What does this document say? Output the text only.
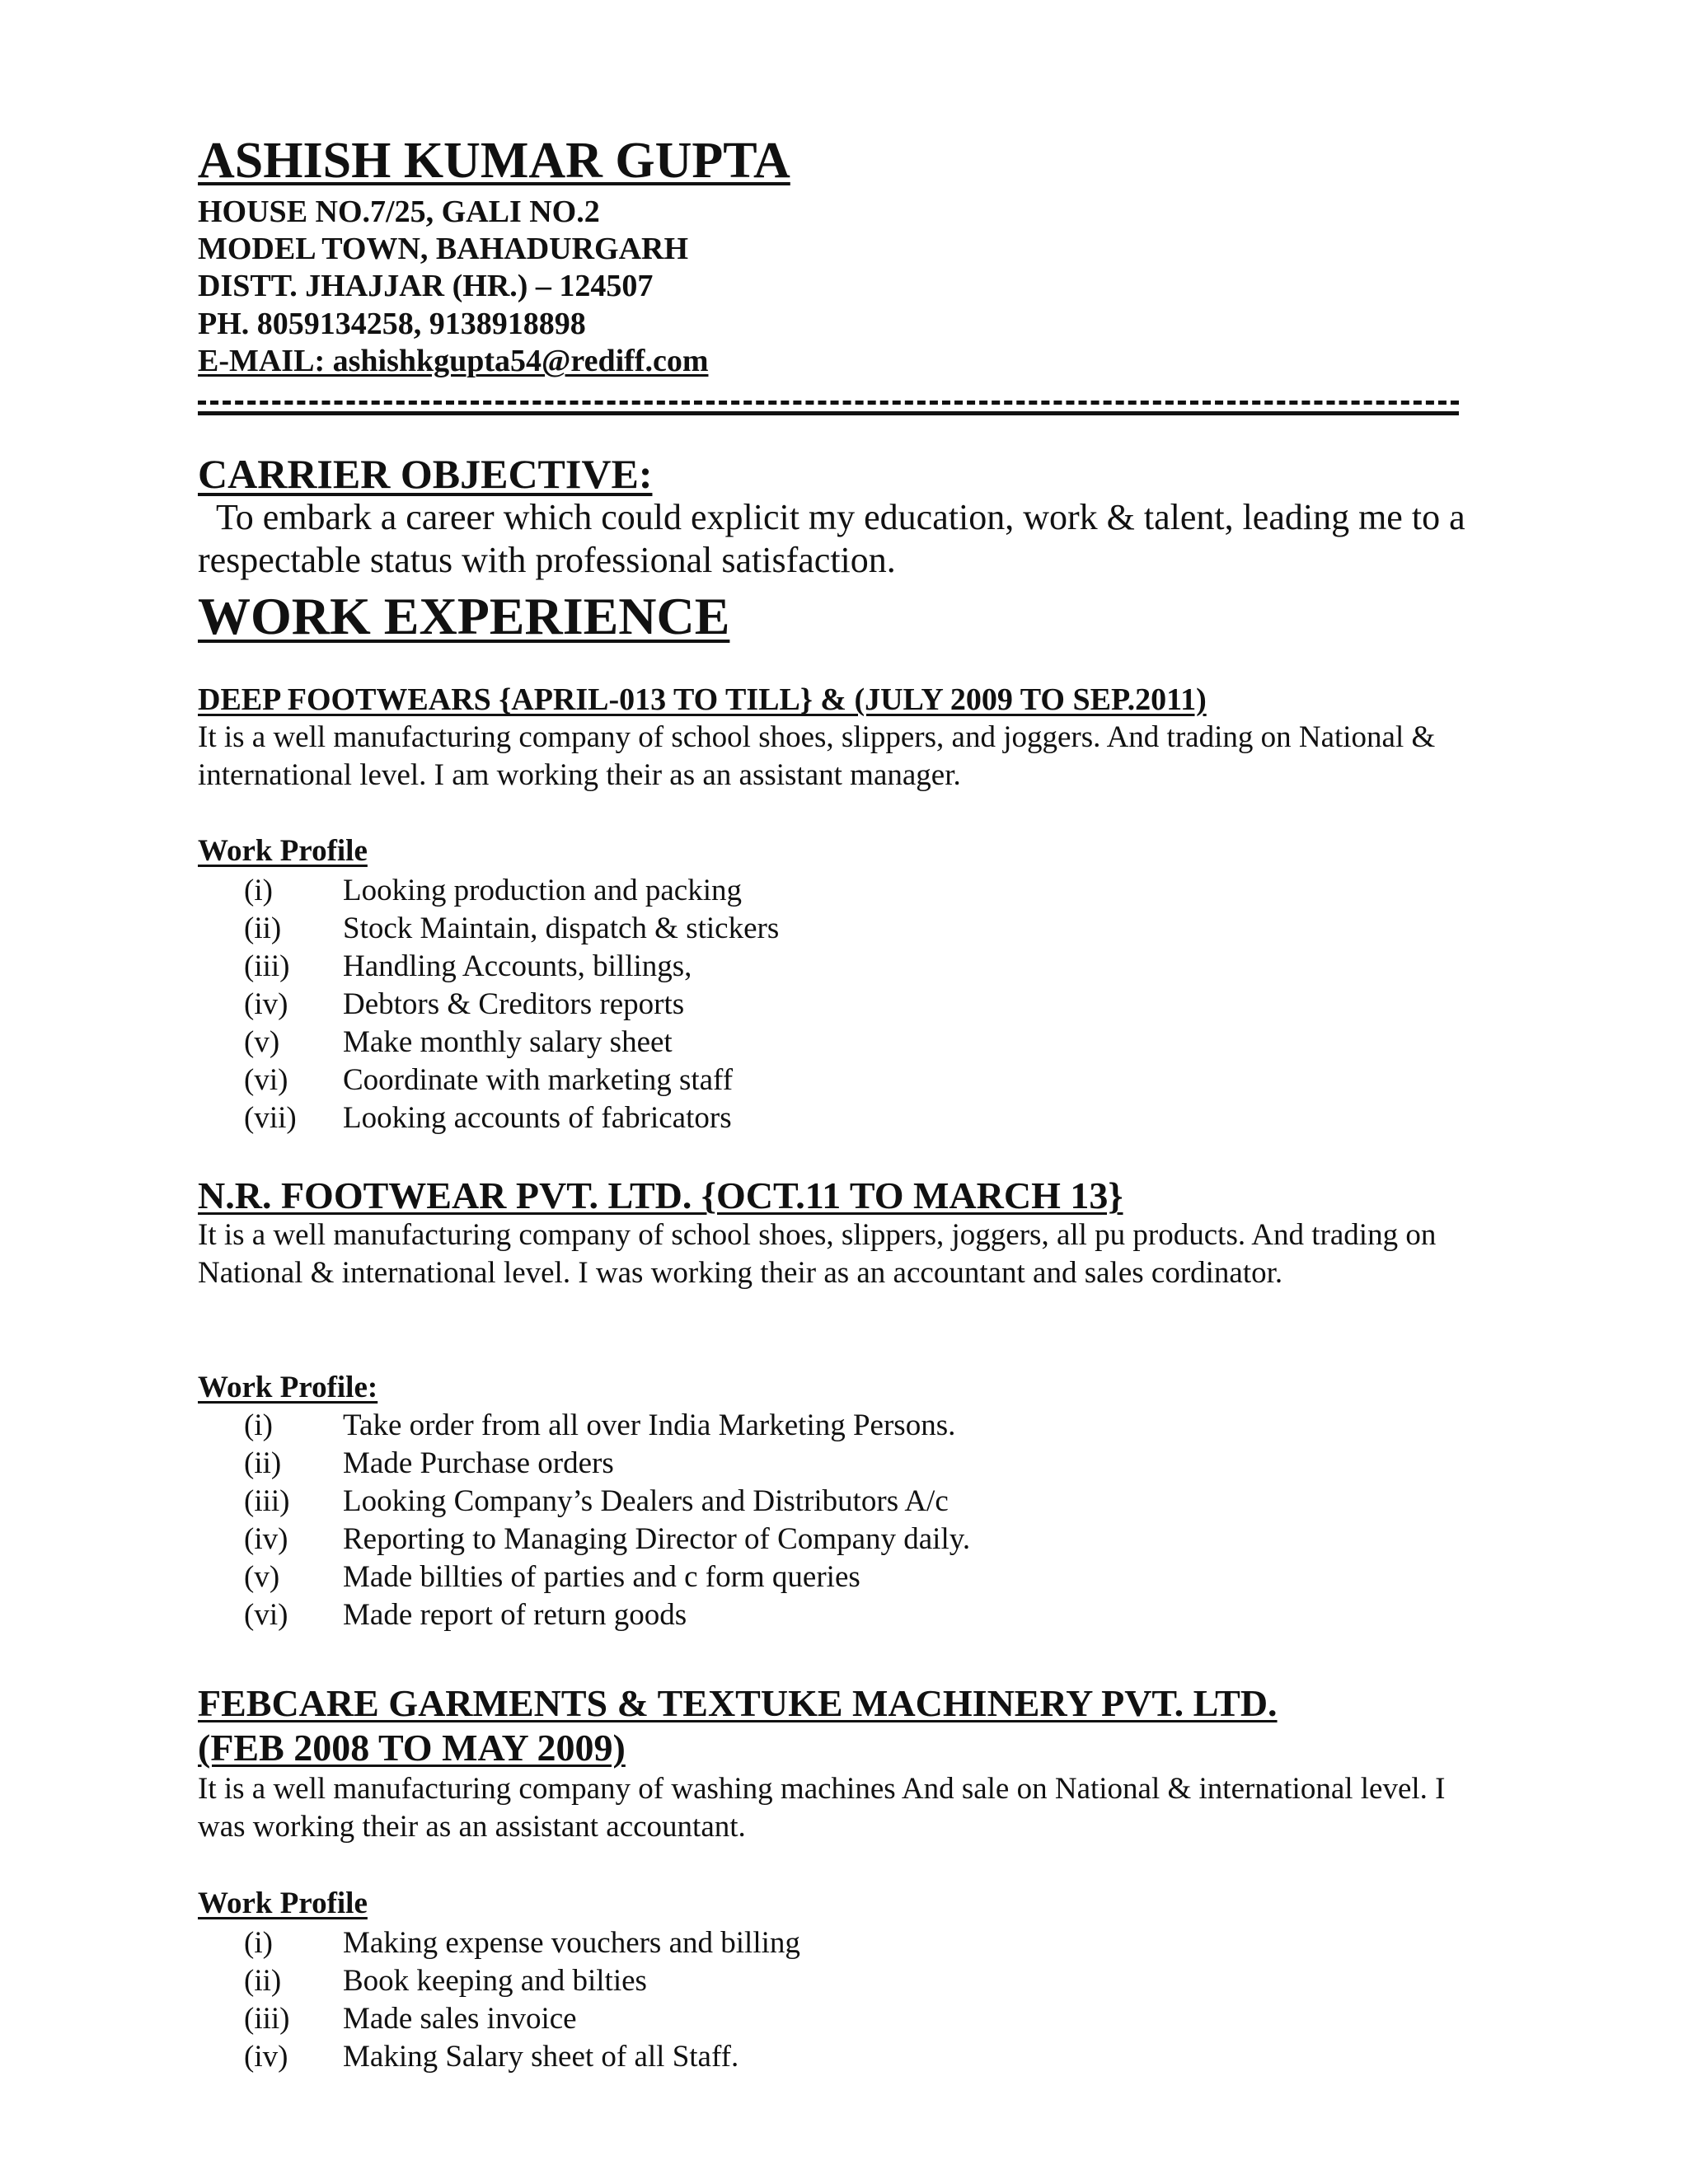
ASHISH KUMAR GUPTA
HOUSE NO.7/25, GALI NO.2
MODEL TOWN, BAHADURGARH
DISTT. JHAJJAR (HR.) – 124507
PH. 8059134258, 9138918898
E-MAIL: ashishkgupta54@rediff.com
CARRIER OBJECTIVE:
To embark a career which could explicit my education, work & talent, leading me to a respectable status with professional satisfaction.
WORK EXPERIENCE
DEEP FOOTWEARS {APRIL-013 TO TILL} & (JULY 2009 TO SEP.2011)
It is a well manufacturing company of school shoes, slippers, and joggers. And trading on National & international level. I am working their as an assistant manager.
Work Profile
(i) Looking production and packing
(ii) Stock Maintain, dispatch & stickers
(iii) Handling Accounts, billings,
(iv) Debtors & Creditors reports
(v) Make monthly salary sheet
(vi) Coordinate with marketing staff
(vii) Looking accounts of fabricators
N.R. FOOTWEAR PVT. LTD. {OCT.11 TO MARCH 13}
It is a well manufacturing company of school shoes, slippers, joggers, all pu products. And trading on National & international level. I was working their as an accountant and sales cordinator.
Work Profile:
(i) Take order from all over India Marketing Persons.
(ii) Made Purchase orders
(iii) Looking Company’s Dealers and Distributors A/c
(iv) Reporting to Managing Director of Company daily.
(v) Made billties of parties and c form queries
(vi) Made report of return goods
FEBCARE GARMENTS & TEXTUKE MACHINERY PVT. LTD.
(FEB 2008 TO MAY 2009)
It is a well manufacturing company of washing machines And sale on National & international level. I was working their as an assistant accountant.
Work Profile
(i) Making expense vouchers and billing
(ii) Book keeping and bilties
(iii) Made sales invoice
(iv) Making Salary sheet of all Staff.
